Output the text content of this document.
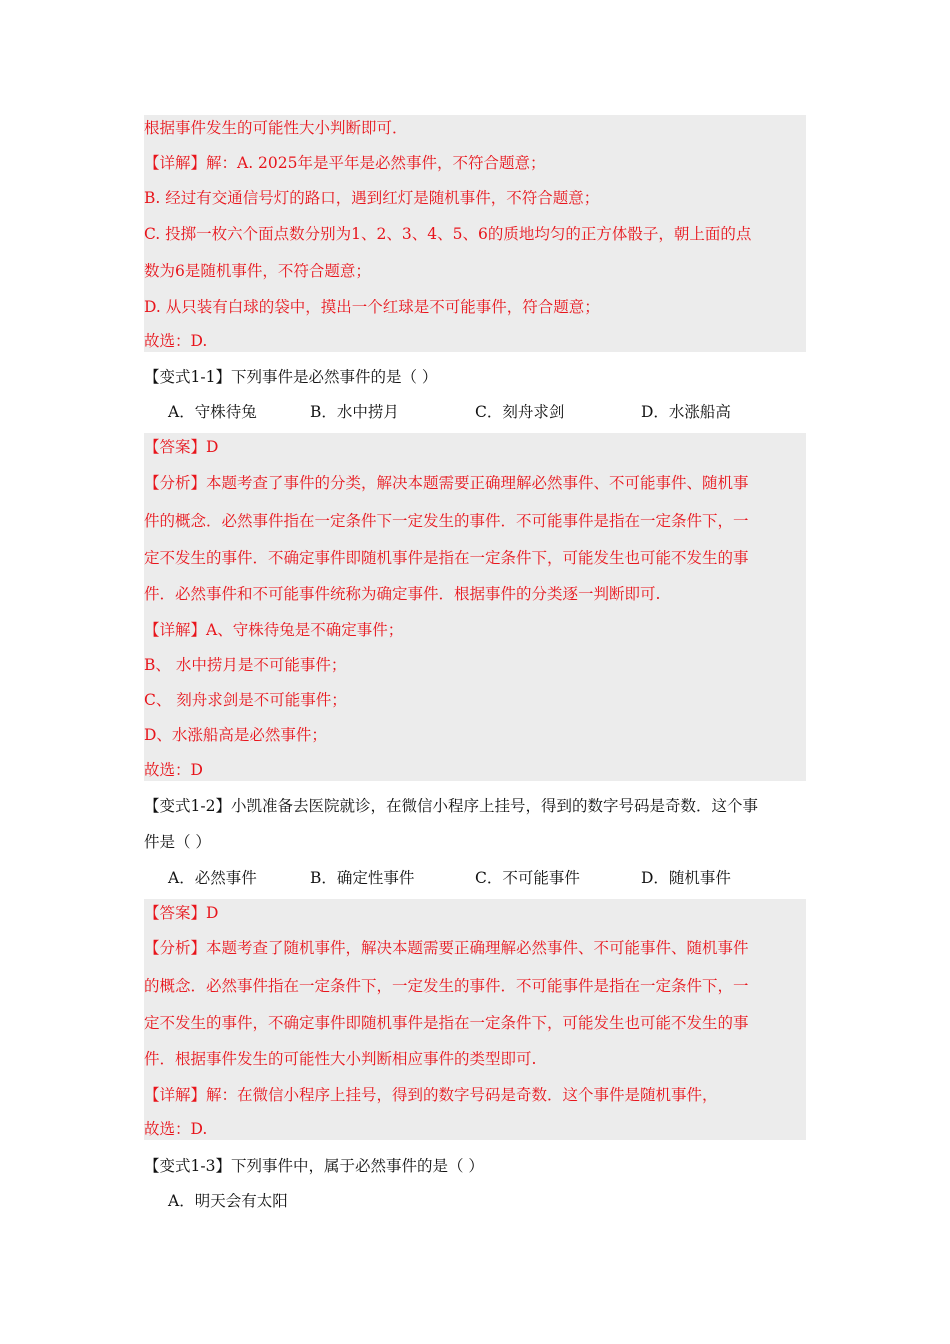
根据事件发生的可能性大小判断即可．
【详解】解：A. 2025年是平年是必然事件，不符合题意；
B. 经过有交通信号灯的路口，遇到红灯是随机事件，不符合题意；
C. 投掷一枚六个面点数分别为1、2、3、4、5、6的质地均匀的正方体骰子，朝上面的点
数为6是随机事件，不符合题意；
D. 从只装有白球的袋中，摸出一个红球是不可能事件，符合题意；
故选：D.
【变式1-1】下列事件是必然事件的是（ ）
A．守株待兔	B．水中捞月	C．刻舟求剑	D．水涨船高
【答案】D
【分析】本题考查了事件的分类，解决本题需要正确理解必然事件、不可能事件、随机事
件的概念．必然事件指在一定条件下一定发生的事件．不可能事件是指在一定条件下，一
定不发生的事件．不确定事件即随机事件是指在一定条件下，可能发生也可能不发生的事
件．必然事件和不可能事件统称为确定事件．根据事件的分类逐一判断即可.
【详解】A、守株待兔是不确定事件；
B、 水中捞月是不可能事件；
C、 刻舟求剑是不可能事件；
D、水涨船高是必然事件；
故选：D
【变式1-2】小凯准备去医院就诊，在微信小程序上挂号，得到的数字号码是奇数．这个事
件是（ ）
A．必然事件	B．确定性事件	C．不可能事件	D．随机事件
【答案】D
【分析】本题考查了随机事件，解决本题需要正确理解必然事件、不可能事件、随机事件
的概念．必然事件指在一定条件下，一定发生的事件．不可能事件是指在一定条件下，一
定不发生的事件，不确定事件即随机事件是指在一定条件下，可能发生也可能不发生的事
件．根据事件发生的可能性大小判断相应事件的类型即可.
【详解】解：在微信小程序上挂号，得到的数字号码是奇数．这个事件是随机事件，
故选：D.
【变式1-3】下列事件中，属于必然事件的是（ ）
A．明天会有太阳
